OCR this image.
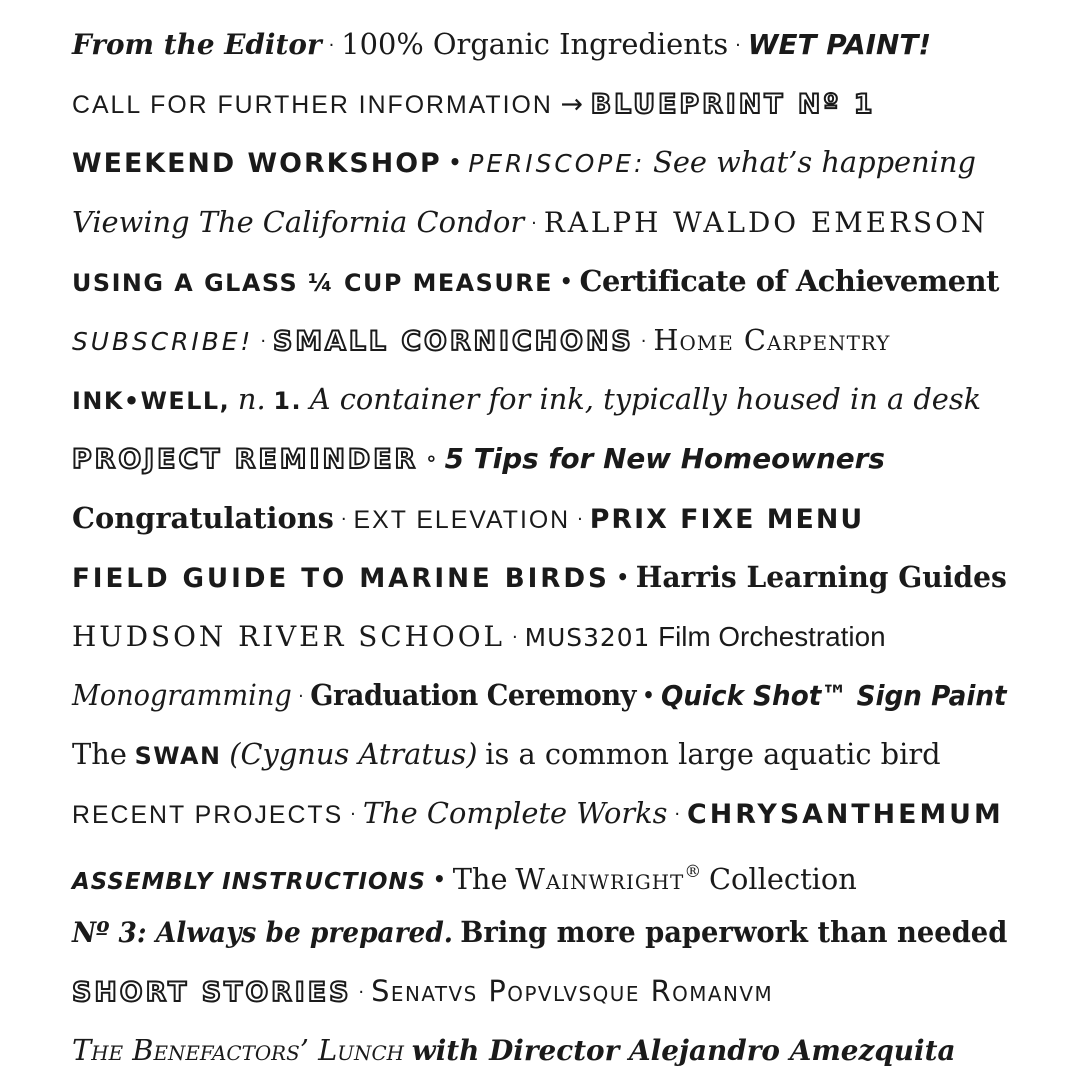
From the Editor · 100% Organic Ingredients · WET PAINT!
CALL FOR FURTHER INFORMATION → BLUEPRINT Nº 1
WEEKEND WORKSHOP • PERISCOPE: See what’s happening
Viewing The California Condor · RALPH WALDO EMERSON
USING A GLASS ¼ CUP MEASURE • Certificate of Achievement
SUBSCRIBE! · SMALL CORNICHONS · Home Carpentry
INK•WELL, n. 1. A container for ink, typically housed in a desk
PROJECT REMINDER ∘ 5 Tips for New Homeowners
Congratulations · EXT ELEVATION · PRIX FIXE MENU
FIELD GUIDE TO MARINE BIRDS • Harris Learning Guides
HUDSON RIVER SCHOOL · MUS3201 Film Orchestration
Monogramming · Graduation Ceremony • Quick Shot™ Sign Paint
The SWAN (Cygnus Atratus) is a common large aquatic bird
RECENT PROJECTS · The Complete Works · CHRYSANTHEMUM
ASSEMBLY INSTRUCTIONS • The Wainwright® Collection
Nº 3: Always be prepared. Bring more paperwork than needed
SHORT STORIES · Senatvs Popvlvsque Romanvm
The Benefactors’ Lunch with Director Alejandro Amezquita
